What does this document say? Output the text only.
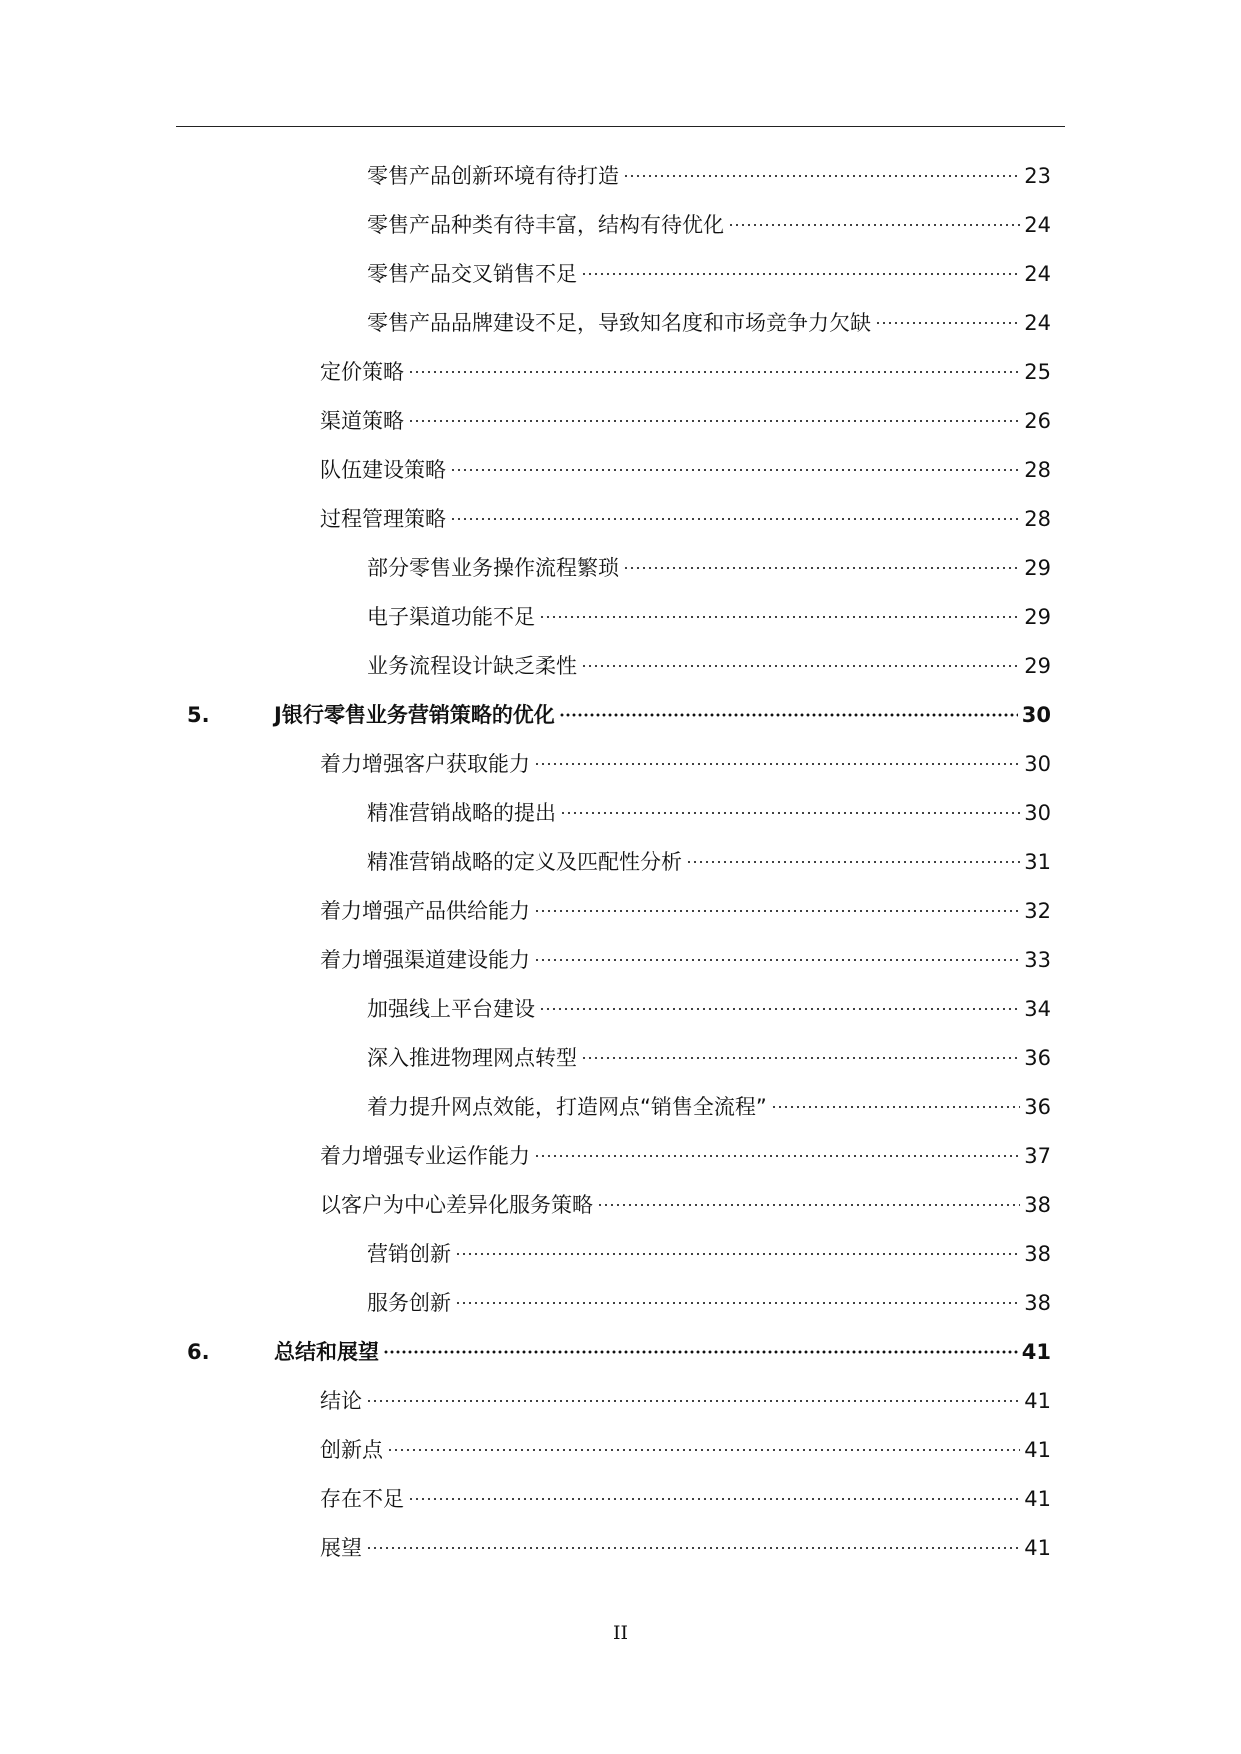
零售产品创新环境有待打造	23
零售产品种类有待丰富，结构有待优化	24
零售产品交叉销售不足	24
零售产品品牌建设不足，导致知名度和市场竞争力欠缺	24
定价策略	25
渠道策略	26
队伍建设策略	28
过程管理策略	28
部分零售业务操作流程繁琐	29
电子渠道功能不足	29
业务流程设计缺乏柔性	29
5.	J银行零售业务营销策略的优化	30
着力增强客户获取能力	30
精准营销战略的提出	30
精准营销战略的定义及匹配性分析	31
着力增强产品供给能力	32
着力增强渠道建设能力	33
加强线上平台建设	34
深入推进物理网点转型	36
着力提升网点效能，打造网点“销售全流程”	36
着力增强专业运作能力	37
以客户为中心差异化服务策略	38
营销创新	38
服务创新	38
6.	总结和展望	41
结论	41
创新点	41
存在不足	41
展望	41
II
